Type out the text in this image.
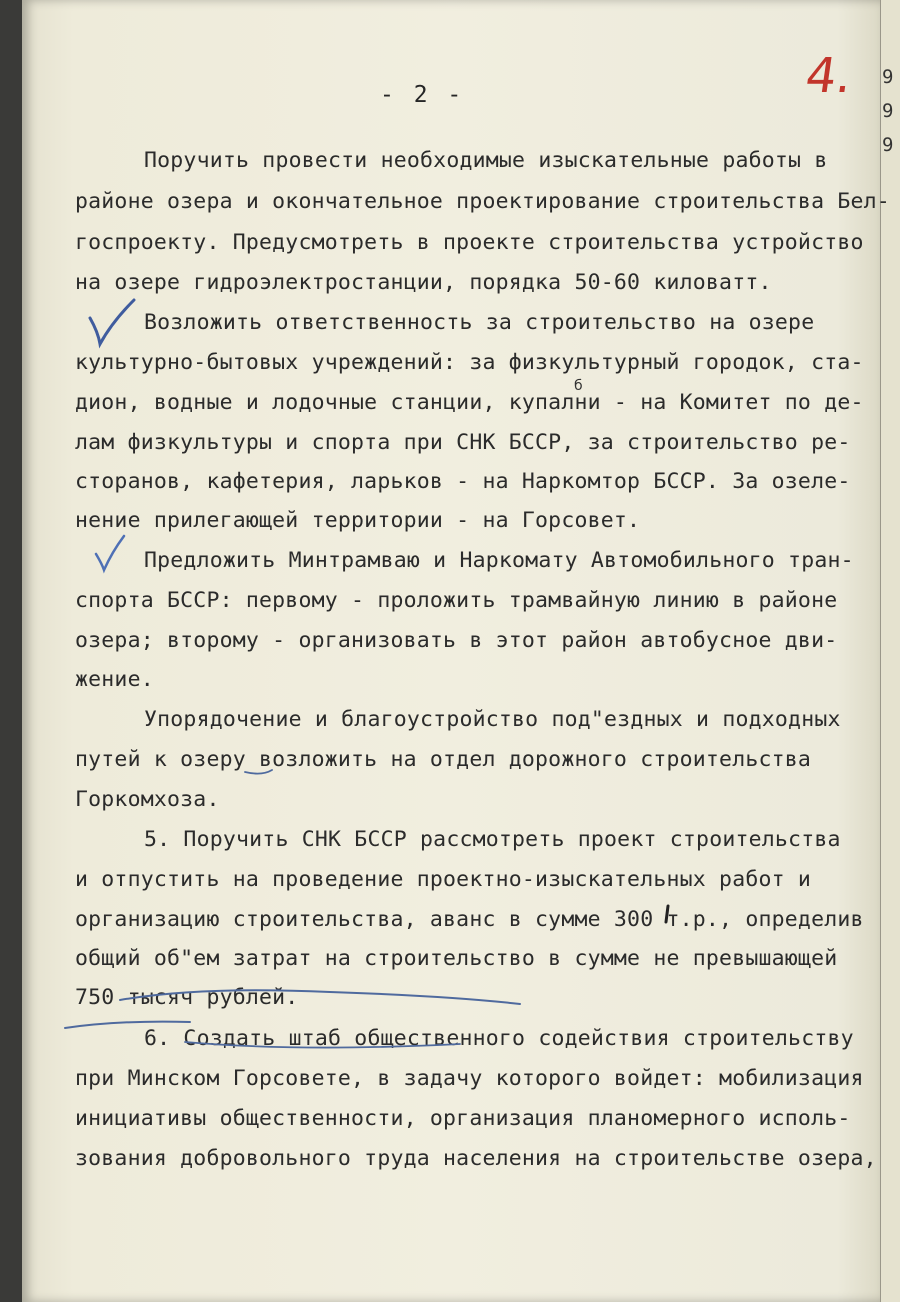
9
9
9
- 2 -	4.
Поручить провести необходимые изыскательные работы в
районе озера и окончательное проектирование строительства Бел-
госпроекту. Предусмотреть в проекте строительства устройство
на озере гидроэлектростанции, порядка 50-60 киловатт.
Возложить ответственность за строительство на озере
культурно-бытовых учреждений: за физкультурный городок, ста-
дион, водные и лодочные станции, купални - на Комитет по де-
лам физкультуры и спорта при СНК БССР, за строительство ре-
сторанов, кафетерия, ларьков - на Наркомтор БССР. За озеле-
нение прилегающей территории - на Горсовет.
Предложить Минтрамваю и Наркомату Автомобильного тран-
спорта БССР: первому - проложить трамвайную линию в районе
озера; второму - организовать в этот район автобусное дви-
жение.
Упорядочение и благоустройство под"ездных и подходных
путей к озеру возложить на отдел дорожного строительства
Горкомхоза.
5. Поручить СНК БССР рассмотреть проект строительства
и отпустить на проведение проектно-изыскательных работ и
организацию строительства, аванс в сумме 300 т.р., определив
общий об"ем затрат на строительство в сумме не превышающей
750 тысяч рублей.
6. Создать штаб общественного содействия строительству
при Минском Горсовете, в задачу которого войдет: мобилизация
инициативы общественности, организация планомерного исполь-
зования добровольного труда населения на строительстве озера,
б
